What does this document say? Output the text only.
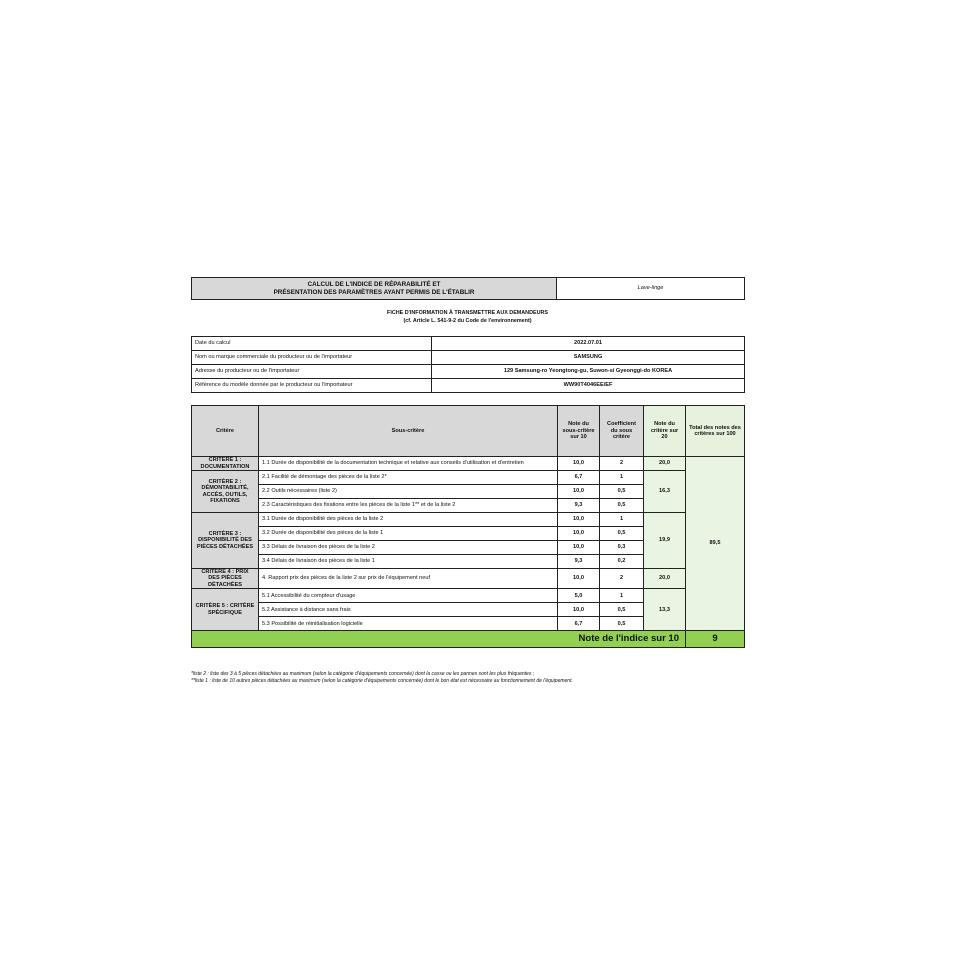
CALCUL DE L'INDICE DE RÉPARABILITÉ ET
PRÉSENTATION DES PARAMÈTRES AYANT PERMIS DE L'ÉTABLIR
	Lave-linge
FICHE D'INFORMATION À TRANSMETTRE AUX DEMANDEURS
(cf. Article L. 541-9-2 du Code de l'environnement)
Date du calcul	2022.07.01
Nom ou marque commerciale du producteur ou de l'importateur	SAMSUNG
Adresse du producteur ou de l'importateur	129 Samsung-ro Yeongtong-gu, Suwon-si Gyeonggi-do KOREA
Référence du modèle donnée par le producteur ou l'importateur	WW90T4046EE/EF
Critère	Sous-critère	Note du sous-critère sur 10	Coefficient du sous critère	Note du critère sur 20	Total des notes des critères sur 100
CRITÈRE 1 : DOCUMENTATION	1.1 Durée de disponibilité de la documentation technique et relative aux conseils d'utilisation et d'entretien	10,0	2	20,0	89,5
CRITÈRE 2 : DÉMONTABILITÉ, ACCÈS, OUTILS, FIXATIONS	2.1 Facilité de démontage des pièces de la liste 2*	6,7	1	16,3	
	2.2 Outils nécessaires (liste 2)	10,0	0,5		
	2.3 Caractéristiques des fixations entre les pièces de la liste 1** et de la liste 2	9,3	0,5		
CRITÈRE 3 : DISPONIBILITÉ DES PIÈCES DÉTACHÉES	3.1 Durée de disponibilité des pièces de la liste 2	10,0	1	19,9	
	3.2 Durée de disponibilité des pièces de la liste 1	10,0	0,5		
	3.3 Délais de livraison des pièces de la liste 2	10,0	0,3		
	3.4 Délais de livraison des pièces de la liste 1	9,3	0,2		
CRITÈRE 4 : PRIX DES PIÈCES DÉTACHÉES	4. Rapport prix des pièces de la liste 2 sur prix de l'équipement neuf	10,0	2	20,0	
CRITÈRE 5 : CRITÈRE SPÉCIFIQUE	5.1 Accessibilité du compteur d'usage	5,0	1	13,3	
	5.2 Assistance à distance sans frais	10,0	0,5		
	5.3 Possibilité de réinitialisation logicielle	6,7	0,5		
Note de l'indice sur 10					9
*liste 2 : liste des 3 à 5 pièces détachées au maximum (selon la catégorie d'équipements concernée) dont la casse ou les pannes sont les plus fréquentes ;
**liste 1 : liste de 10 autres pièces détachées au maximum (selon la catégorie d'équipements concernée) dont le bon état est nécessaire au fonctionnement de l'équipement.
